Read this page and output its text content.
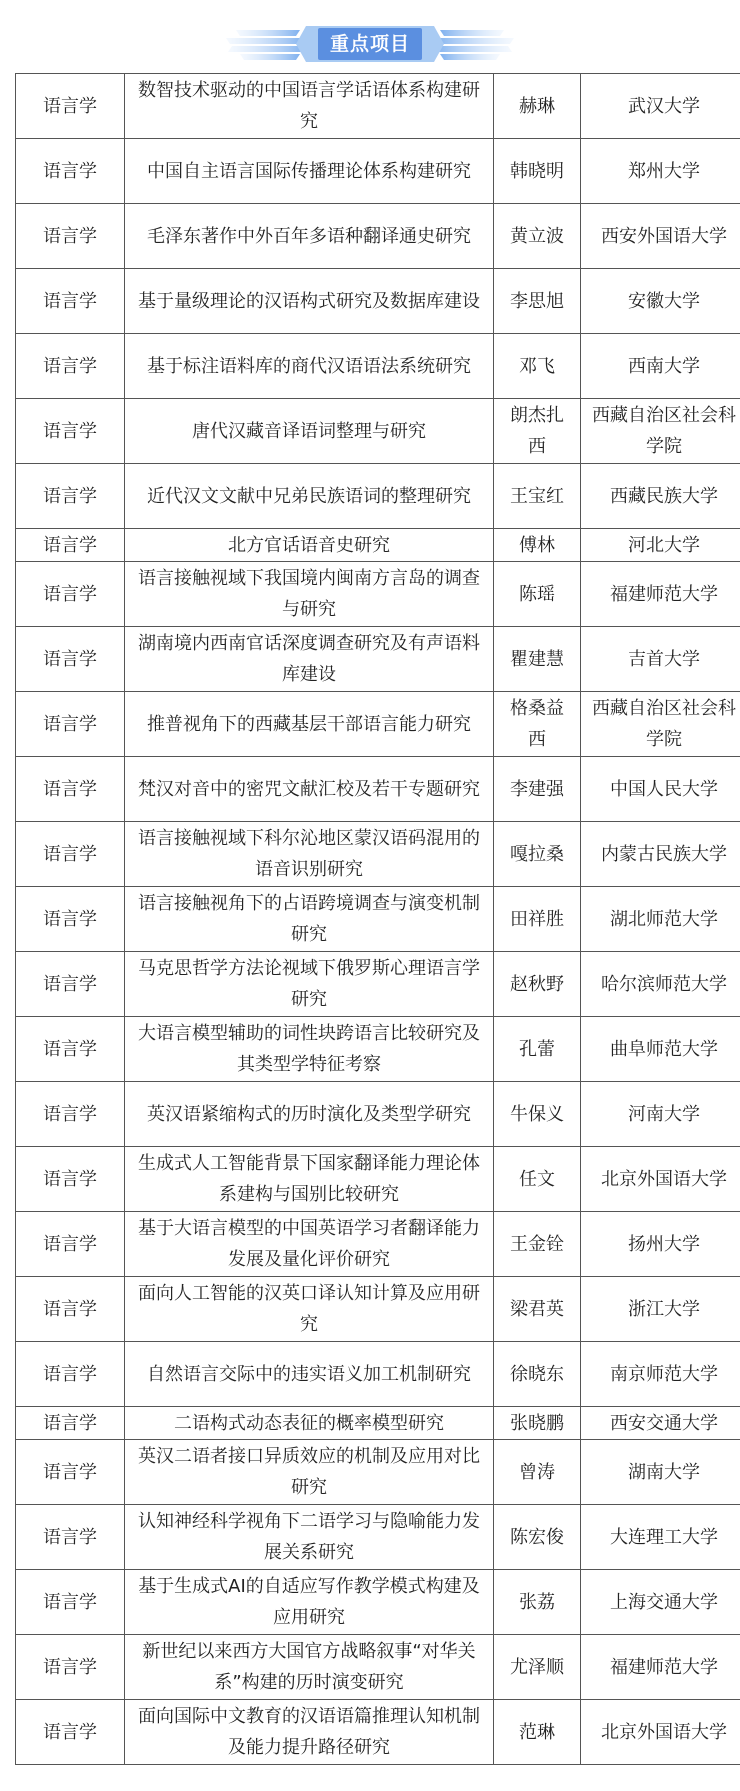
重点项目
语言学	数智技术驱动的中国语言学话语体系构建研究	赫琳	武汉大学
语言学	中国自主语言国际传播理论体系构建研究	韩晓明	郑州大学
语言学	毛泽东著作中外百年多语种翻译通史研究	黄立波	西安外国语大学
语言学	基于量级理论的汉语构式研究及数据库建设	李思旭	安徽大学
语言学	基于标注语料库的商代汉语语法系统研究	邓飞	西南大学
语言学	唐代汉藏音译语词整理与研究	朗杰扎西	西藏自治区社会科学院
语言学	近代汉文文献中兄弟民族语词的整理研究	王宝红	西藏民族大学
语言学	北方官话语音史研究	傅林	河北大学
语言学	语言接触视域下我国境内闽南方言岛的调查与研究	陈瑶	福建师范大学
语言学	湖南境内西南官话深度调查研究及有声语料库建设	瞿建慧	吉首大学
语言学	推普视角下的西藏基层干部语言能力研究	格桑益西	西藏自治区社会科学院
语言学	梵汉对音中的密咒文献汇校及若干专题研究	李建强	中国人民大学
语言学	语言接触视域下科尔沁地区蒙汉语码混用的语音识别研究	嘎拉桑	内蒙古民族大学
语言学	语言接触视角下的占语跨境调查与演变机制研究	田祥胜	湖北师范大学
语言学	马克思哲学方法论视域下俄罗斯心理语言学研究	赵秋野	哈尔滨师范大学
语言学	大语言模型辅助的词性块跨语言比较研究及其类型学特征考察	孔蕾	曲阜师范大学
语言学	英汉语紧缩构式的历时演化及类型学研究	牛保义	河南大学
语言学	生成式人工智能背景下国家翻译能力理论体系建构与国别比较研究	任文	北京外国语大学
语言学	基于大语言模型的中国英语学习者翻译能力发展及量化评价研究	王金铨	扬州大学
语言学	面向人工智能的汉英口译认知计算及应用研究	梁君英	浙江大学
语言学	自然语言交际中的违实语义加工机制研究	徐晓东	南京师范大学
语言学	二语构式动态表征的概率模型研究	张晓鹏	西安交通大学
语言学	英汉二语者接口异质效应的机制及应用对比研究	曾涛	湖南大学
语言学	认知神经科学视角下二语学习与隐喻能力发展关系研究	陈宏俊	大连理工大学
语言学	基于生成式AI的自适应写作教学模式构建及应用研究	张荔	上海交通大学
语言学	新世纪以来西方大国官方战略叙事“对华关系”构建的历时演变研究	尤泽顺	福建师范大学
语言学	面向国际中文教育的汉语语篇推理认知机制及能力提升路径研究	范琳	北京外国语大学
